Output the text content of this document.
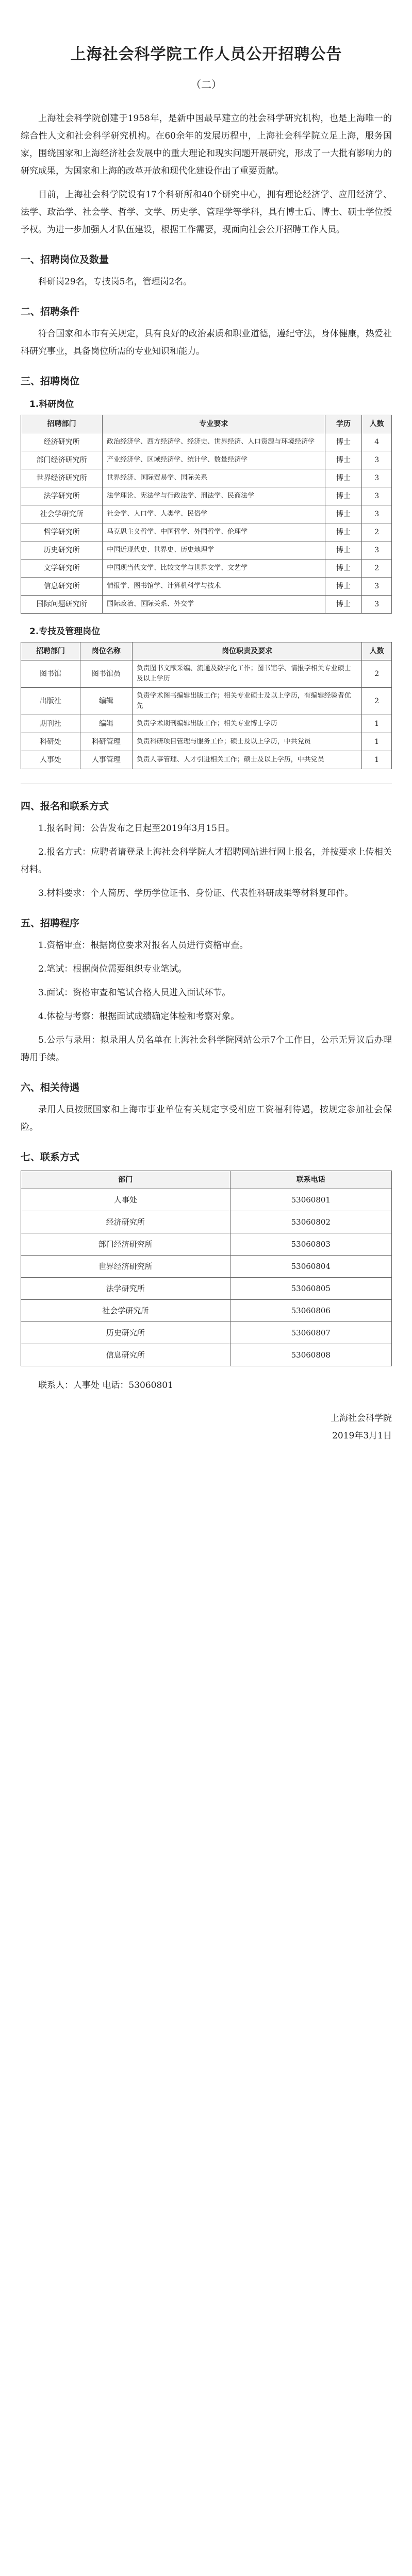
上海社会科学院工作人员公开招聘公告
（二）

上海社会科学院创建于1958年，是新中国最早建立的社会科学研究机构，也是上海唯一的综合性人文和社会科学研究机构。在60余年的发展历程中，上海社会科学院立足上海，服务国家，围绕国家和上海经济社会发展中的重大理论和现实问题开展研究，形成了一大批有影响力的研究成果，为国家和上海的改革开放和现代化建设作出了重要贡献。

目前，上海社会科学院设有17个科研所和40个研究中心，拥有理论经济学、应用经济学、法学、政治学、社会学、哲学、文学、历史学、管理学等学科，具有博士后、博士、硕士学位授予权。为进一步加强人才队伍建设，根据工作需要，现面向社会公开招聘工作人员。

一、招聘岗位及数量

科研岗29名，专技岗5名，管理岗2名。

二、招聘条件

符合国家和本市有关规定，具有良好的政治素质和职业道德，遵纪守法，身体健康，热爱社科研究事业，具备岗位所需的专业知识和能力。

三、招聘岗位
1.科研岗位
招聘部门	专业要求	学历	人数
经济研究所	政治经济学、西方经济学、经济史、世界经济、人口资源与环境经济学	博士	4
部门经济研究所	产业经济学、区域经济学、统计学、数量经济学	博士	3
世界经济研究所	世界经济、国际贸易学、国际关系	博士	3
法学研究所	法学理论、宪法学与行政法学、刑法学、民商法学	博士	3
社会学研究所	社会学、人口学、人类学、民俗学	博士	3
哲学研究所	马克思主义哲学、中国哲学、外国哲学、伦理学	博士	2
历史研究所	中国近现代史、世界史、历史地理学	博士	3
文学研究所	中国现当代文学、比较文学与世界文学、文艺学	博士	2
信息研究所	情报学、图书馆学、计算机科学与技术	博士	3
国际问题研究所	国际政治、国际关系、外交学	博士	3
2.专技及管理岗位
招聘部门	岗位名称	岗位职责及要求	人数
图书馆	图书馆员	负责图书文献采编、流通及数字化工作；图书馆学、情报学相关专业硕士及以上学历	2
出版社	编辑	负责学术图书编辑出版工作；相关专业硕士及以上学历，有编辑经验者优先	2
期刊社	编辑	负责学术期刊编辑出版工作；相关专业博士学历	1
科研处	科研管理	负责科研项目管理与服务工作；硕士及以上学历，中共党员	1
人事处	人事管理	负责人事管理、人才引进相关工作；硕士及以上学历，中共党员	1
四、报名和联系方式

1.报名时间：公告发布之日起至2019年3月15日。

2.报名方式：应聘者请登录上海社会科学院人才招聘网站进行网上报名，并按要求上传相关材料。

3.材料要求：个人简历、学历学位证书、身份证、代表性科研成果等材料复印件。

五、招聘程序

1.资格审查：根据岗位要求对报名人员进行资格审查。

2.笔试：根据岗位需要组织专业笔试。

3.面试：资格审查和笔试合格人员进入面试环节。

4.体检与考察：根据面试成绩确定体检和考察对象。

5.公示与录用：拟录用人员名单在上海社会科学院网站公示7个工作日，公示无异议后办理聘用手续。

六、相关待遇

录用人员按照国家和上海市事业单位有关规定享受相应工资福利待遇，按规定参加社会保险。

七、联系方式
部门	联系电话
人事处	53060801
经济研究所	53060802
部门经济研究所	53060803
世界经济研究所	53060804
法学研究所	53060805
社会学研究所	53060806
历史研究所	53060807
信息研究所	53060808

联系人：人事处 电话：53060801

上海社会科学院
2019年3月1日
